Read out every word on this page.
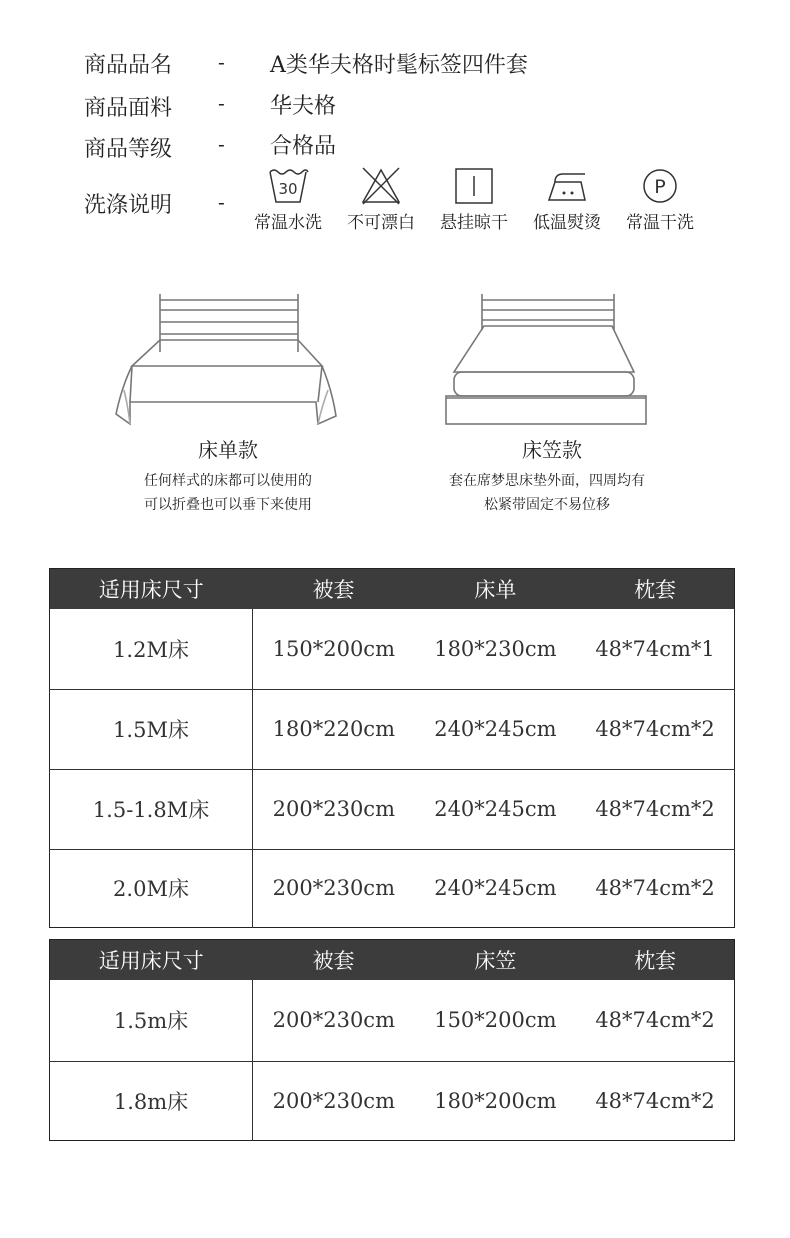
商品品名 - A类华夫格时髦标签四件套
商品面料 - 华夫格
商品等级 - 合格品
洗涤说明 -
30
常温水洗	不可漂白	悬挂晾干	低温熨烫
P
常温干洗
床单款
任何样式的床都可以使用的
可以折叠也可以垂下来使用
床笠款
套在席梦思床垫外面，四周均有
松紧带固定不易位移
适用床尺寸	被套	床单	枕套
1.2M床	150*200cm	180*230cm	48*74cm*1
1.5M床	180*220cm	240*245cm	48*74cm*2
1.5-1.8M床	200*230cm	240*245cm	48*74cm*2
2.0M床	200*230cm	240*245cm	48*74cm*2
适用床尺寸	被套	床笠	枕套
1.5m床	200*230cm	150*200cm	48*74cm*2
1.8m床	200*230cm	180*200cm	48*74cm*2
